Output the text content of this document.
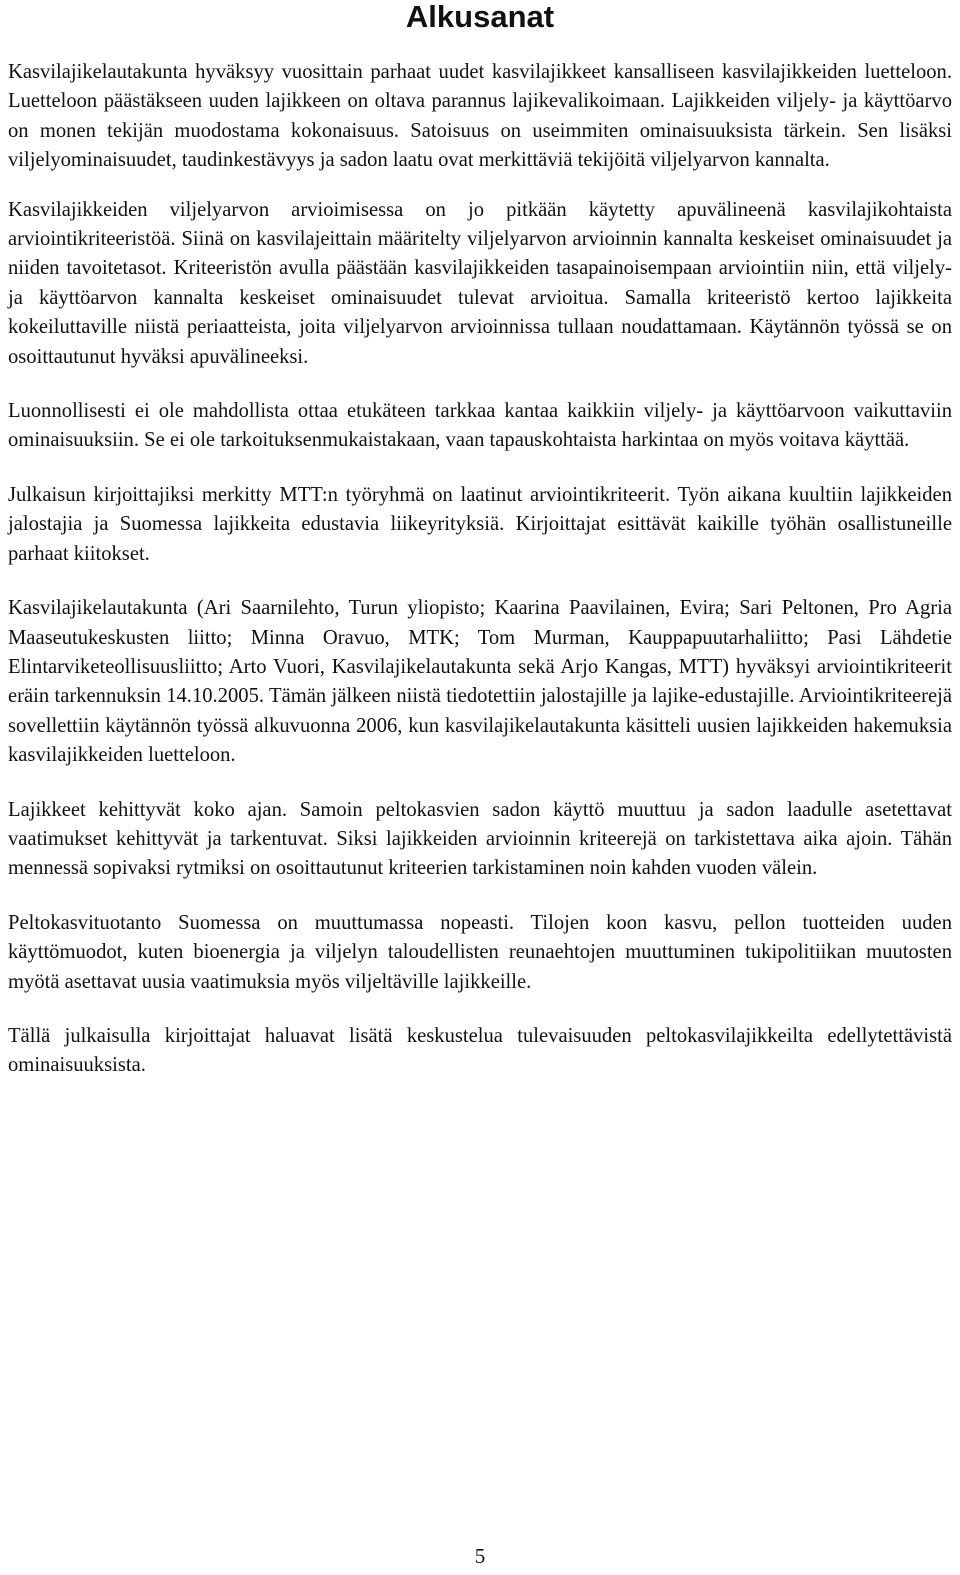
Alkusanat

Kasvilajikelautakunta hyväksyy vuosittain parhaat uudet kasvilajikkeet kansalliseen kasvilajikkeiden luetteloon. Luetteloon päästäkseen uuden lajikkeen on oltava parannus lajikevalikoimaan. Lajikkeiden viljely- ja käyttöarvo on monen tekijän muodostama kokonaisuus. Satoisuus on useimmiten ominaisuuksista tärkein. Sen lisäksi viljelyominaisuudet, taudinkestävyys ja sadon laatu ovat merkittäviä tekijöitä viljelyarvon kannalta.

Kasvilajikkeiden viljelyarvon arvioimisessa on jo pitkään käytetty apuvälineenä kasvilajikohtaista arviointikriteeristöä. Siinä on kasvilajeittain määritelty viljelyarvon arvioinnin kannalta keskeiset ominaisuudet ja niiden tavoitetasot. Kriteeristön avulla päästään kasvilajikkeiden tasapainoisempaan arviointiin niin, että viljely- ja käyttöarvon kannalta keskeiset ominaisuudet tulevat arvioitua. Samalla kriteeristö kertoo lajikkeita kokeiluttaville niistä periaatteista, joita viljelyarvon arvioinnissa tullaan noudattamaan. Käytännön työssä se on osoittautunut hyväksi apuvälineeksi.

Luonnollisesti ei ole mahdollista ottaa etukäteen tarkkaa kantaa kaikkiin viljely- ja käyttöarvoon vaikuttaviin ominaisuuksiin. Se ei ole tarkoituksenmukaistakaan, vaan tapauskohtaista harkintaa on myös voitava käyttää.

Julkaisun kirjoittajiksi merkitty MTT:n työryhmä on laatinut arviointikriteerit. Työn aikana kuultiin lajikkeiden jalostajia ja Suomessa lajikkeita edustavia liikeyrityksiä. Kirjoittajat esittävät kaikille työhän osallistuneille parhaat kiitokset.

Kasvilajikelautakunta (Ari Saarnilehto, Turun yliopisto; Kaarina Paavilainen, Evira; Sari Peltonen, Pro Agria Maaseutukeskusten liitto; Minna Oravuo, MTK; Tom Murman, Kauppapuutarhaliitto; Pasi Lähdetie Elintarviketeollisuusliitto; Arto Vuori, Kasvilajikelautakunta sekä Arjo Kangas, MTT) hyväksyi arviointikriteerit eräin tarkennuksin 14.10.2005. Tämän jälkeen niistä tiedotettiin jalostajille ja lajike-edustajille. Arviointikriteerejä sovellettiin käytännön työssä alkuvuonna 2006, kun kasvilajikelautakunta käsitteli uusien lajikkeiden hakemuksia kasvilajikkeiden luetteloon.

Lajikkeet kehittyvät koko ajan. Samoin peltokasvien sadon käyttö muuttuu ja sadon laadulle asetettavat vaatimukset kehittyvät ja tarkentuvat. Siksi lajikkeiden arvioinnin kriteerejä on tarkistettava aika ajoin. Tähän mennessä sopivaksi rytmiksi on osoittautunut kriteerien tarkistaminen noin kahden vuoden välein.

Peltokasvituotanto Suomessa on muuttumassa nopeasti. Tilojen koon kasvu, pellon tuotteiden uuden käyttömuodot, kuten bioenergia ja viljelyn taloudellisten reunaehtojen muuttuminen tukipolitiikan muutosten myötä asettavat uusia vaatimuksia myös viljeltäville lajikkeille.

Tällä julkaisulla kirjoittajat haluavat lisätä keskustelua tulevaisuuden peltokasvilajikkeilta edellytettävistä ominaisuuksista.

5
